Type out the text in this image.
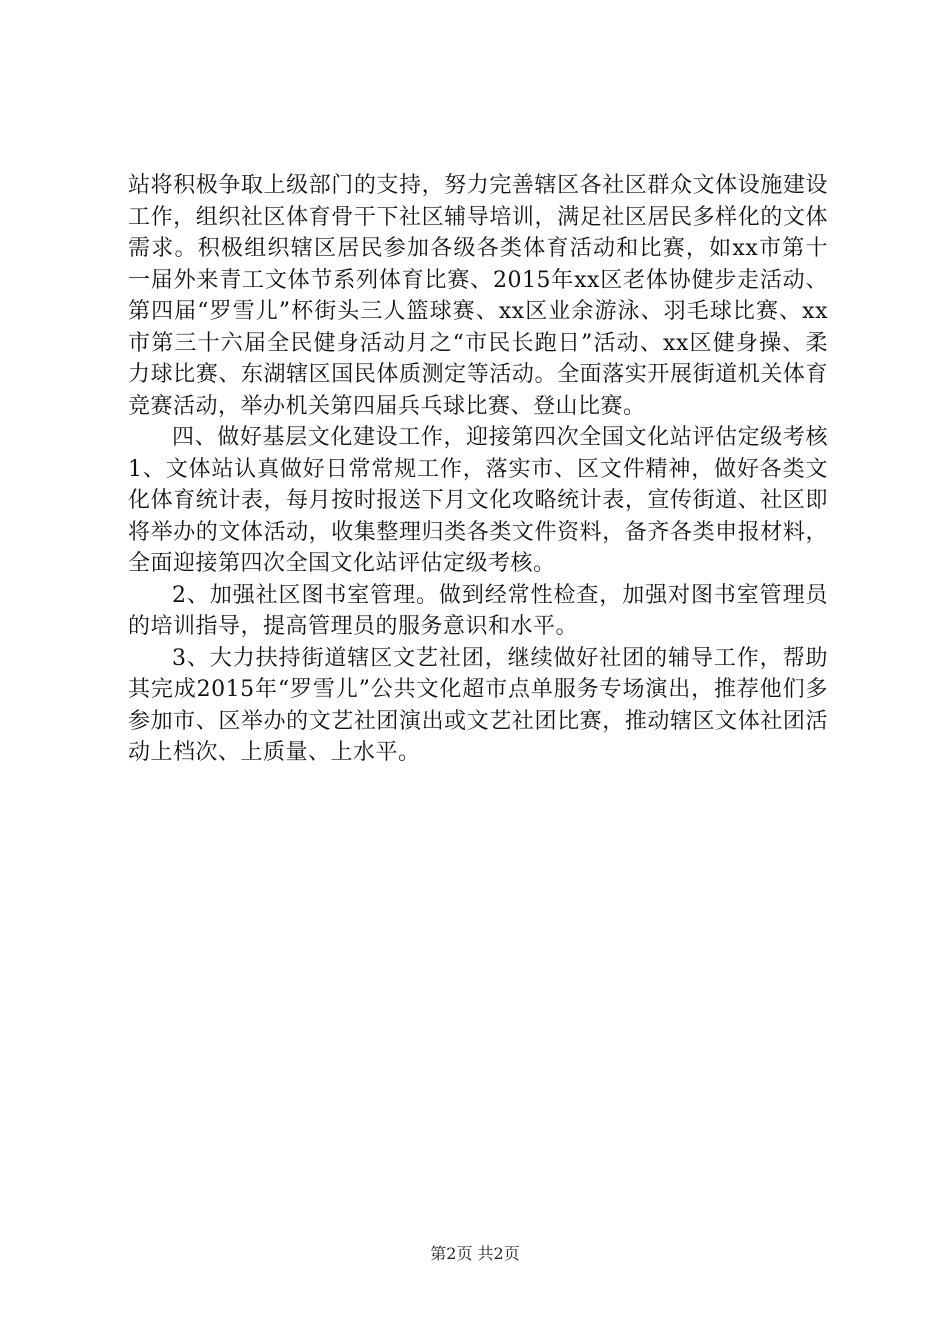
站将积极争取上级部门的支持，努力完善辖区各社区群众文体设施建设工作，组织社区体育骨干下社区辅导培训，满足社区居民多样化的文体需求。积极组织辖区居民参加各级各类体育活动和比赛，如xx市第十一届外来青工文体节系列体育比赛、2015年xx区老体协健步走活动、第四届“罗雪儿”杯街头三人篮球赛、xx区业余游泳、羽毛球比赛、xx市第三十六届全民健身活动月之“市民长跑日”活动、xx区健身操、柔力球比赛、东湖辖区国民体质测定等活动。全面落实开展街道机关体育竞赛活动，举办机关第四届兵乓球比赛、登山比赛。

四、做好基层文化建设工作，迎接第四次全国文化站评估定级考核1、文体站认真做好日常常规工作，落实市、区文件精神，做好各类文化体育统计表，每月按时报送下月文化攻略统计表，宣传街道、社区即将举办的文体活动，收集整理归类各类文件资料，备齐各类申报材料，全面迎接第四次全国文化站评估定级考核。

2、加强社区图书室管理。做到经常性检查，加强对图书室管理员的培训指导，提高管理员的服务意识和水平。

3、大力扶持街道辖区文艺社团，继续做好社团的辅导工作，帮助其完成2015年“罗雪儿”公共文化超市点单服务专场演出，推荐他们多参加市、区举办的文艺社团演出或文艺社团比赛，推动辖区文体社团活动上档次、上质量、上水平。

第2页 共2页
